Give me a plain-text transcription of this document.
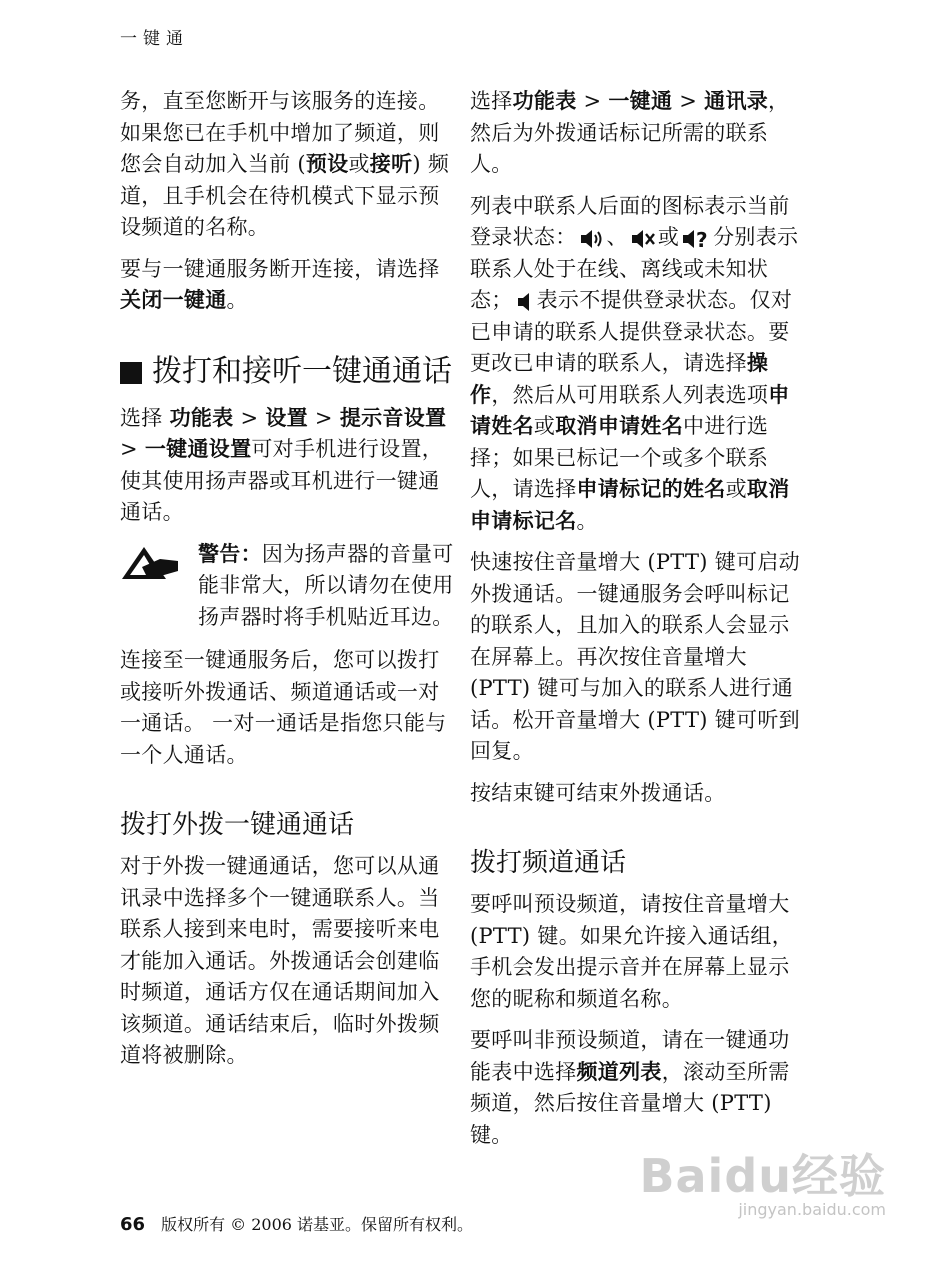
一键通

务，直至您断开与该服务的连接。如果您已在手机中增加了频道，则您会自动加入当前 (预设或接听) 频道，且手机会在待机模式下显示预设频道的名称。

要与一键通服务断开连接，请选择关闭一键通。

拨打和接听一键通通话

选择 功能表 > 设置 > 提示音设置 > 一键通设置可对手机进行设置，使其使用扬声器或耳机进行一键通通话。

警告：因为扬声器的音量可能非常大，所以请勿在使用扬声器时将手机贴近耳边。

连接至一键通服务后，您可以拨打或接听外拨通话、频道通话或一对一通话。 一对一通话是指您只能与一个人通话。

拨打外拨一键通通话

对于外拨一键通通话，您可以从通讯录中选择多个一键通联系人。当联系人接到来电时，需要接听来电才能加入通话。外拨通话会创建临时频道，通话方仅在通话期间加入该频道。通话结束后，临时外拨频道将被删除。

选择功能表 > 一键通 > 通讯录，然后为外拨通话标记所需的联系人。

列表中联系人后面的图标表示当前登录状态： 、 或 ? 分别表示联系人处于在线、离线或未知状态； 表示不提供登录状态。仅对已申请的联系人提供登录状态。要更改已申请的联系人，请选择操作，然后从可用联系人列表选项申请姓名或取消申请姓名中进行选择；如果已标记一个或多个联系人，请选择申请标记的姓名或取消申请标记名。

快速按住音量增大 (PTT) 键可启动外拨通话。一键通服务会呼叫标记的联系人，且加入的联系人会显示在屏幕上。再次按住音量增大 (PTT) 键可与加入的联系人进行通话。松开音量增大 (PTT) 键可听到回复。

按结束键可结束外拨通话。

拨打频道通话

要呼叫预设频道，请按住音量增大 (PTT) 键。如果允许接入通话组，手机会发出提示音并在屏幕上显示您的昵称和频道名称。

要呼叫非预设频道，请在一键通功能表中选择频道列表，滚动至所需频道，然后按住音量增大 (PTT) 键。

Baidu经验
jingyan.baidu.com
66 版权所有 © 2006 诺基亚。保留所有权利。
